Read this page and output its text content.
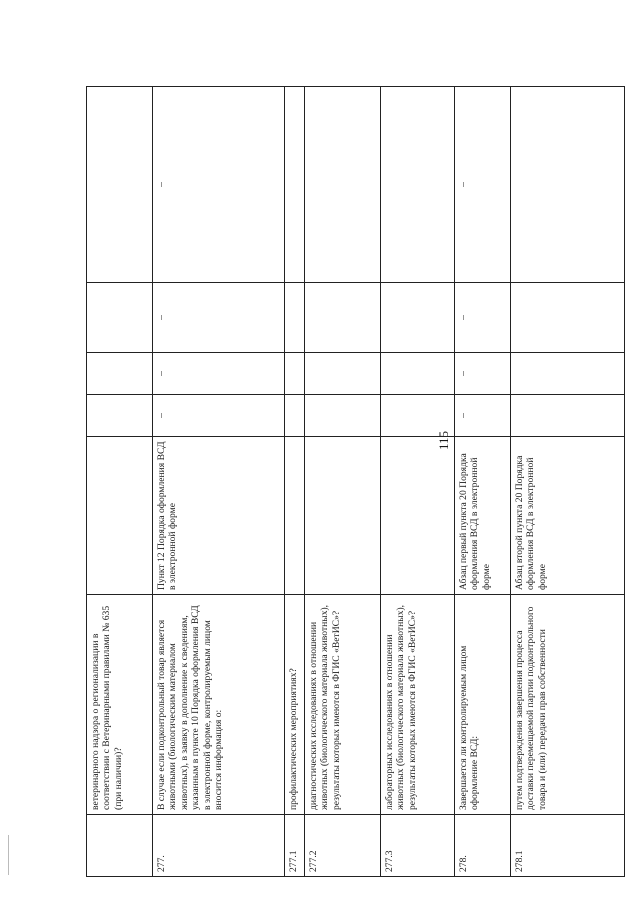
115
	ветеринарного надзора о регионализации в соответствии с Ветеринарными правилами № 635 (при наличии)?					
277.	В случае если подконтрольный товар является животными (биологическим материалом животных), в заявку в дополнение к сведениям, указанным в пункте 10 Порядка оформления ВСД в электронной форме, контролируемым лицом вносится информация о:	Пункт 12 Порядка оформления ВСД в электронной форме	–	–	–	–
277.1	профилактических мероприятиях?					
277.2	диагностических исследованиях в отношении животных (биологического материала животных), результаты которых имеются в ФГИС «ВетИС»?					
277.3	лабораторных исследованиях в отношении животных (биологического материала животных), результаты которых имеются в ФГИС «ВетИС»?					
278.	Завершается ли контролируемым лицом оформление ВСД:	Абзац первый пункта 20 Порядка оформления ВСД в электронной форме	–	–	–	–
278.1	путем подтверждения завершения процесса доставки перемещаемой партии подконтрольного товара и (или) передачи прав собственности	Абзац второй пункта 20 Порядка оформления ВСД в электронной форме				
